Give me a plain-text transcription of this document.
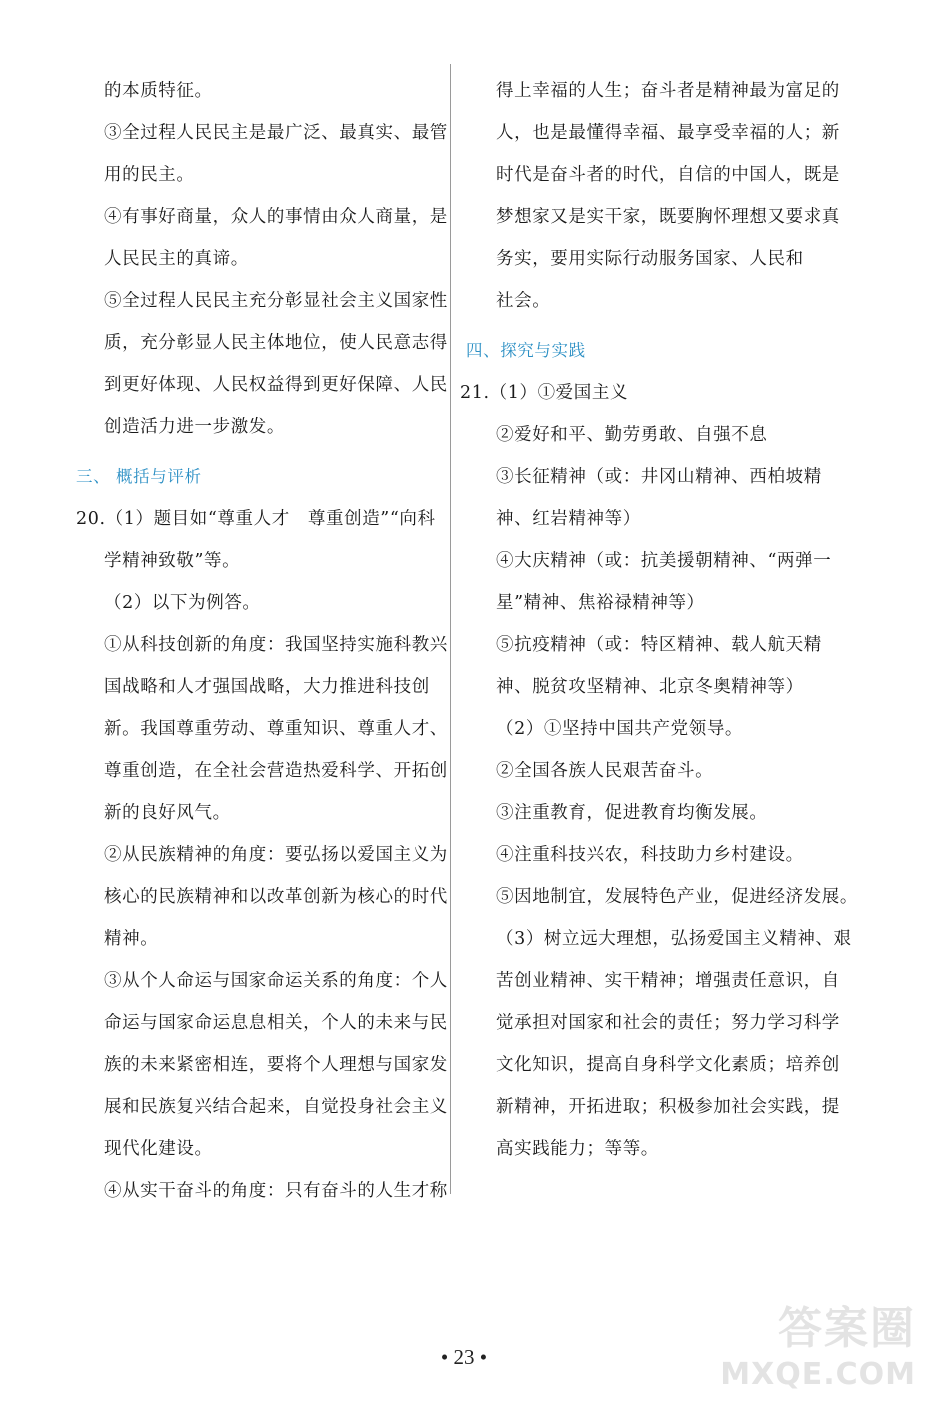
的本质特征。
③全过程人民民主是最广泛、最真实、最管
用的民主。
④有事好商量，众人的事情由众人商量，是
人民民主的真谛。
⑤全过程人民民主充分彰显社会主义国家性
质，充分彰显人民主体地位，使人民意志得
到更好体现、人民权益得到更好保障、人民
创造活力进一步激发。
三、 概括与评析
20.（1）题目如“尊重人才　尊重创造”“向科
学精神致敬”等。
（2）以下为例答。
①从科技创新的角度：我国坚持实施科教兴
国战略和人才强国战略，大力推进科技创
新。我国尊重劳动、尊重知识、尊重人才、
尊重创造，在全社会营造热爱科学、开拓创
新的良好风气。
②从民族精神的角度：要弘扬以爱国主义为
核心的民族精神和以改革创新为核心的时代
精神。
③从个人命运与国家命运关系的角度：个人
命运与国家命运息息相关，个人的未来与民
族的未来紧密相连，要将个人理想与国家发
展和民族复兴结合起来，自觉投身社会主义
现代化建设。
④从实干奋斗的角度：只有奋斗的人生才称
得上幸福的人生；奋斗者是精神最为富足的
人，也是最懂得幸福、最享受幸福的人；新
时代是奋斗者的时代，自信的中国人，既是
梦想家又是实干家，既要胸怀理想又要求真
务实，要用实际行动服务国家、人民和
社会。
四、探究与实践
21.（1）①爱国主义
②爱好和平、勤劳勇敢、自强不息
③长征精神（或：井冈山精神、西柏坡精
神、红岩精神等）
④大庆精神（或：抗美援朝精神、“两弹一
星”精神、焦裕禄精神等）
⑤抗疫精神（或：特区精神、载人航天精
神、脱贫攻坚精神、北京冬奥精神等）
（2）①坚持中国共产党领导。
②全国各族人民艰苦奋斗。
③注重教育，促进教育均衡发展。
④注重科技兴农，科技助力乡村建设。
⑤因地制宜，发展特色产业，促进经济发展。
（3）树立远大理想，弘扬爱国主义精神、艰
苦创业精神、实干精神；增强责任意识，自
觉承担对国家和社会的责任；努力学习科学
文化知识，提高自身科学文化素质；培养创
新精神，开拓进取；积极参加社会实践，提
高实践能力；等等。
• 23 •
答案圈
MXQE.COM
